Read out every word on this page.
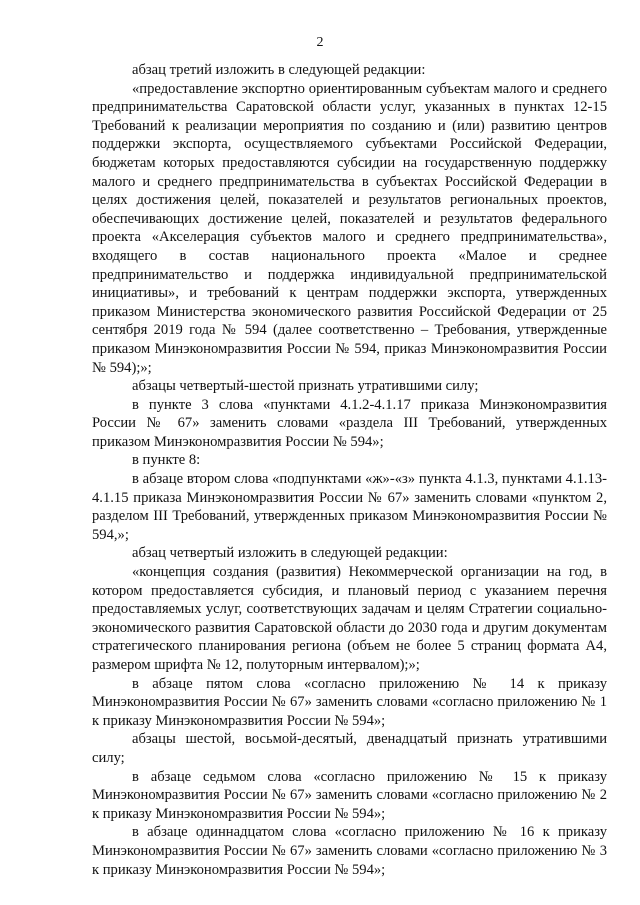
2

абзац третий изложить в следующей редакции:

«предоставление экспортно ориентированным субъектам малого и среднего предпринимательства Саратовской области услуг, указанных в пунктах 12-15 Требований к реализации мероприятия по созданию и (или) развитию центров поддержки экспорта, осуществляемого субъектами Российской Федерации, бюджетам которых предоставляются субсидии на государственную поддержку малого и среднего предпринимательства в субъектах Российской Федерации в целях достижения целей, показателей и результатов региональных проектов, обеспечивающих достижение целей, показателей и результатов федерального проекта «Акселерация субъектов малого и среднего предпринимательства», входящего в состав национального проекта «Малое и среднее предпринимательство и поддержка индивидуальной предпринимательской инициативы», и требований к центрам поддержки экспорта, утвержденных приказом Министерства экономического развития Российской Федерации от 25 сентября 2019 года № 594 (далее соответственно – Требования, утвержденные приказом Минэкономразвития России № 594, приказ Минэкономразвития России № 594);»;

абзацы четвертый-шестой признать утратившими силу;

в пункте 3 слова «пунктами 4.1.2-4.1.17 приказа Минэкономразвития России № 67» заменить словами «раздела III Требований, утвержденных приказом Минэкономразвития России № 594»;

в пункте 8:

в абзаце втором слова «подпунктами «ж»-«з» пункта 4.1.3, пунктами 4.1.13-4.1.15 приказа Минэкономразвития России № 67» заменить словами «пунктом 2, разделом III Требований, утвержденных приказом Минэкономразвития России № 594,»;

абзац четвертый изложить в следующей редакции:

«концепция создания (развития) Некоммерческой организации на год, в котором предоставляется субсидия, и плановый период с указанием перечня предоставляемых услуг, соответствующих задачам и целям Стратегии социально-экономического развития Саратовской области до 2030 года и другим документам стратегического планирования региона (объем не более 5 страниц формата А4, размером шрифта № 12, полуторным интервалом);»;

в абзаце пятом слова «согласно приложению № 14 к приказу Минэкономразвития России № 67» заменить словами «согласно приложению № 1 к приказу Минэкономразвития России № 594»;

абзацы шестой, восьмой-десятый, двенадцатый признать утратившими силу;

в абзаце седьмом слова «согласно приложению № 15 к приказу Минэкономразвития России № 67» заменить словами «согласно приложению № 2 к приказу Минэкономразвития России № 594»;

в абзаце одиннадцатом слова «согласно приложению № 16 к приказу Минэкономразвития России № 67» заменить словами «согласно приложению № 3 к приказу Минэкономразвития России № 594»;
